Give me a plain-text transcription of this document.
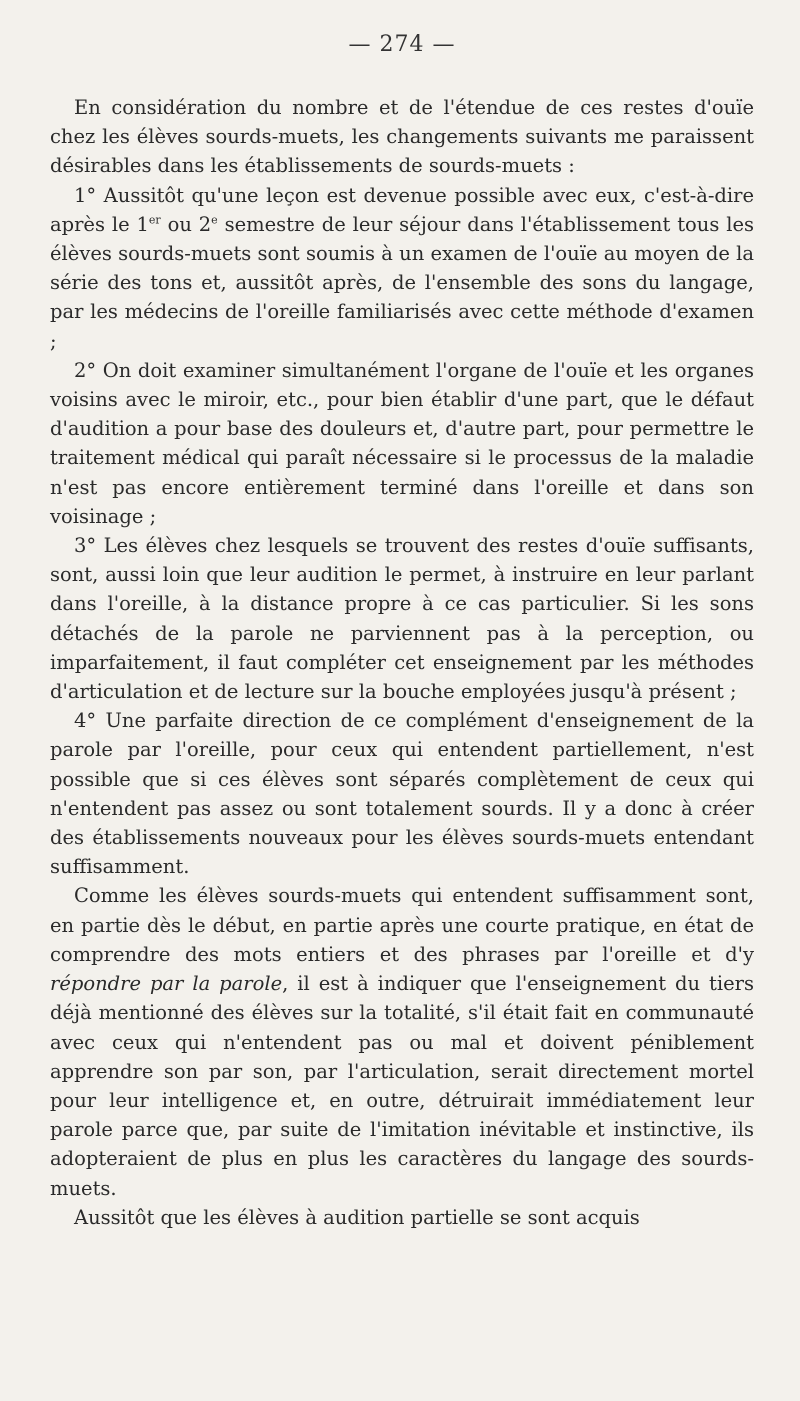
— 274 —

En considération du nombre et de l'étendue de ces restes d'ouïe chez les élèves sourds-muets, les changements suivants me paraissent désirables dans les établissements de sourds-muets :

1° Aussitôt qu'une leçon est devenue possible avec eux, c'est-à-dire après le 1er ou 2e semestre de leur séjour dans l'établissement tous les élèves sourds-muets sont soumis à un examen de l'ouïe au moyen de la série des tons et, aussitôt après, de l'ensemble des sons du langage, par les médecins de l'oreille familiarisés avec cette méthode d'examen ;

2° On doit examiner simultanément l'organe de l'ouïe et les organes voisins avec le miroir, etc., pour bien établir d'une part, que le défaut d'audition a pour base des douleurs et, d'autre part, pour permettre le traitement médical qui paraît nécessaire si le processus de la maladie n'est pas encore entièrement terminé dans l'oreille et dans son voisinage ;

3° Les élèves chez lesquels se trouvent des restes d'ouïe suffisants, sont, aussi loin que leur audition le permet, à instruire en leur parlant dans l'oreille, à la distance propre à ce cas particulier. Si les sons détachés de la parole ne parviennent pas à la perception, ou imparfaitement, il faut compléter cet enseignement par les méthodes d'articulation et de lecture sur la bouche employées jusqu'à présent ;

4° Une parfaite direction de ce complément d'enseignement de la parole par l'oreille, pour ceux qui entendent partiellement, n'est possible que si ces élèves sont séparés complètement de ceux qui n'entendent pas assez ou sont totalement sourds. Il y a donc à créer des établissements nouveaux pour les élèves sourds-muets entendant suffisamment.

Comme les élèves sourds-muets qui entendent suffisamment sont, en partie dès le début, en partie après une courte pratique, en état de comprendre des mots entiers et des phrases par l'oreille et d'y répondre par la parole, il est à indiquer que l'enseignement du tiers déjà mentionné des élèves sur la totalité, s'il était fait en communauté avec ceux qui n'entendent pas ou mal et doivent péniblement apprendre son par son, par l'articulation, serait directement mortel pour leur intelligence et, en outre, détruirait immédiatement leur parole parce que, par suite de l'imitation inévitable et instinctive, ils adopteraient de plus en plus les caractères du langage des sourds-muets.

Aussitôt que les élèves à audition partielle se sont acquis
